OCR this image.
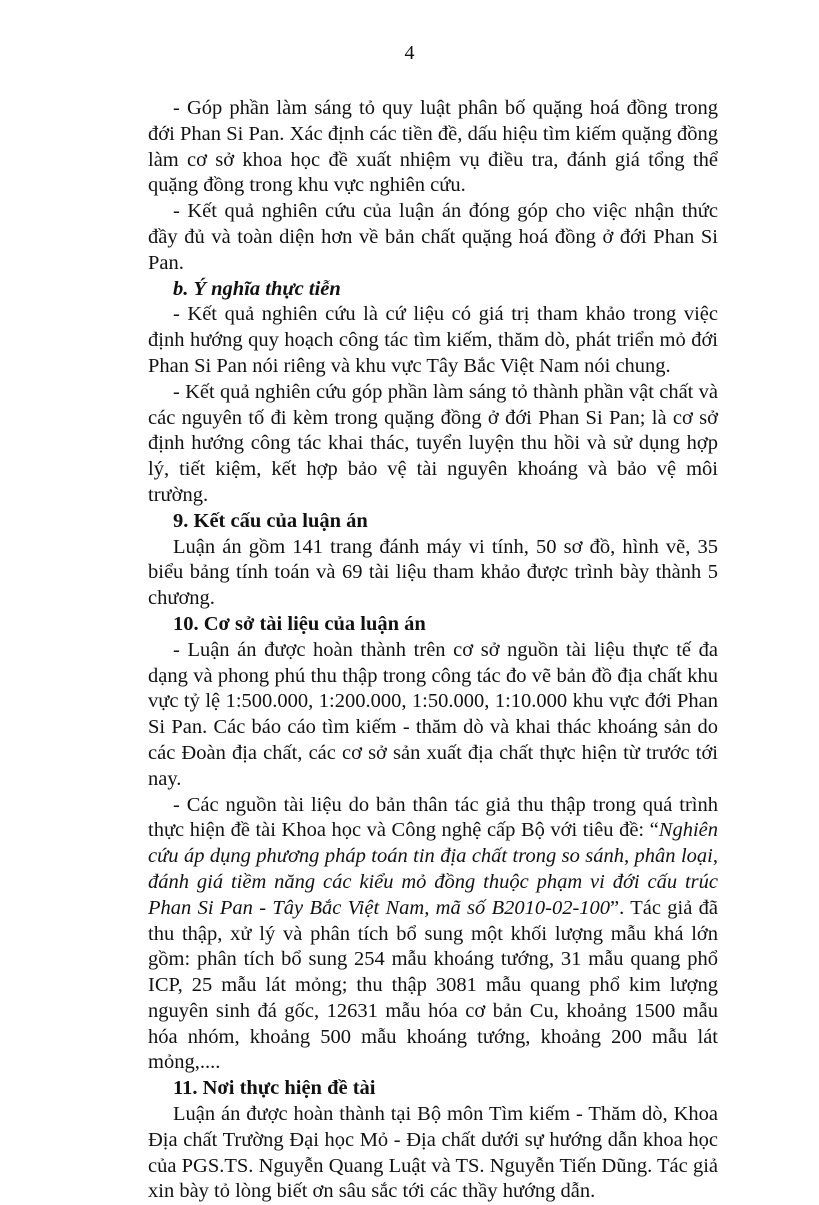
4

- Góp phần làm sáng tỏ quy luật phân bố quặng hoá đồng trong đới Phan Si Pan. Xác định các tiền đề, dấu hiệu tìm kiếm quặng đồng làm cơ sở khoa học đề xuất nhiệm vụ điều tra, đánh giá tổng thể quặng đồng trong khu vực nghiên cứu.

- Kết quả nghiên cứu của luận án đóng góp cho việc nhận thức đầy đủ và toàn diện hơn về bản chất quặng hoá đồng ở đới Phan Si Pan.

b. Ý nghĩa thực tiễn

- Kết quả nghiên cứu là cứ liệu có giá trị tham khảo trong việc định hướng quy hoạch công tác tìm kiếm, thăm dò, phát triển mỏ đới Phan Si Pan nói riêng và khu vực Tây Bắc Việt Nam nói chung.

- Kết quả nghiên cứu góp phần làm sáng tỏ thành phần vật chất và các nguyên tố đi kèm trong quặng đồng ở đới Phan Si Pan; là cơ sở định hướng công tác khai thác, tuyển luyện thu hồi và sử dụng hợp lý, tiết kiệm, kết hợp bảo vệ tài nguyên khoáng và bảo vệ môi trường.

9. Kết cấu của luận án

Luận án gồm 141 trang đánh máy vi tính, 50 sơ đồ, hình vẽ, 35 biểu bảng tính toán và 69 tài liệu tham khảo được trình bày thành 5 chương.

10. Cơ sở tài liệu của luận án

- Luận án được hoàn thành trên cơ sở nguồn tài liệu thực tế đa dạng và phong phú thu thập trong công tác đo vẽ bản đồ địa chất khu vực tỷ lệ 1:500.000, 1:200.000, 1:50.000, 1:10.000 khu vực đới Phan Si Pan. Các báo cáo tìm kiếm - thăm dò và khai thác khoáng sản do các Đoàn địa chất, các cơ sở sản xuất địa chất thực hiện từ trước tới nay.

- Các nguồn tài liệu do bản thân tác giả thu thập trong quá trình thực hiện đề tài Khoa học và Công nghệ cấp Bộ với tiêu đề: “Nghiên cứu áp dụng phương pháp toán tin địa chất trong so sánh, phân loại, đánh giá tiềm năng các kiểu mỏ đồng thuộc phạm vi đới cấu trúc Phan Si Pan - Tây Bắc Việt Nam, mã số B2010-02-100”. Tác giả đã thu thập, xử lý và phân tích bổ sung một khối lượng mẫu khá lớn gồm: phân tích bổ sung 254 mẫu khoáng tướng, 31 mẫu quang phổ ICP, 25 mẫu lát mỏng; thu thập 3081 mẫu quang phổ kim lượng nguyên sinh đá gốc, 12631 mẫu hóa cơ bản Cu, khoảng 1500 mẫu hóa nhóm, khoảng 500 mẫu khoáng tướng, khoảng 200 mẫu lát mỏng,....

11. Nơi thực hiện đề tài

Luận án được hoàn thành tại Bộ môn Tìm kiếm - Thăm dò, Khoa Địa chất Trường Đại học Mỏ - Địa chất dưới sự hướng dẫn khoa học của PGS.TS. Nguyễn Quang Luật và TS. Nguyễn Tiến Dũng. Tác giả xin bày tỏ lòng biết ơn sâu sắc tới các thầy hướng dẫn.
